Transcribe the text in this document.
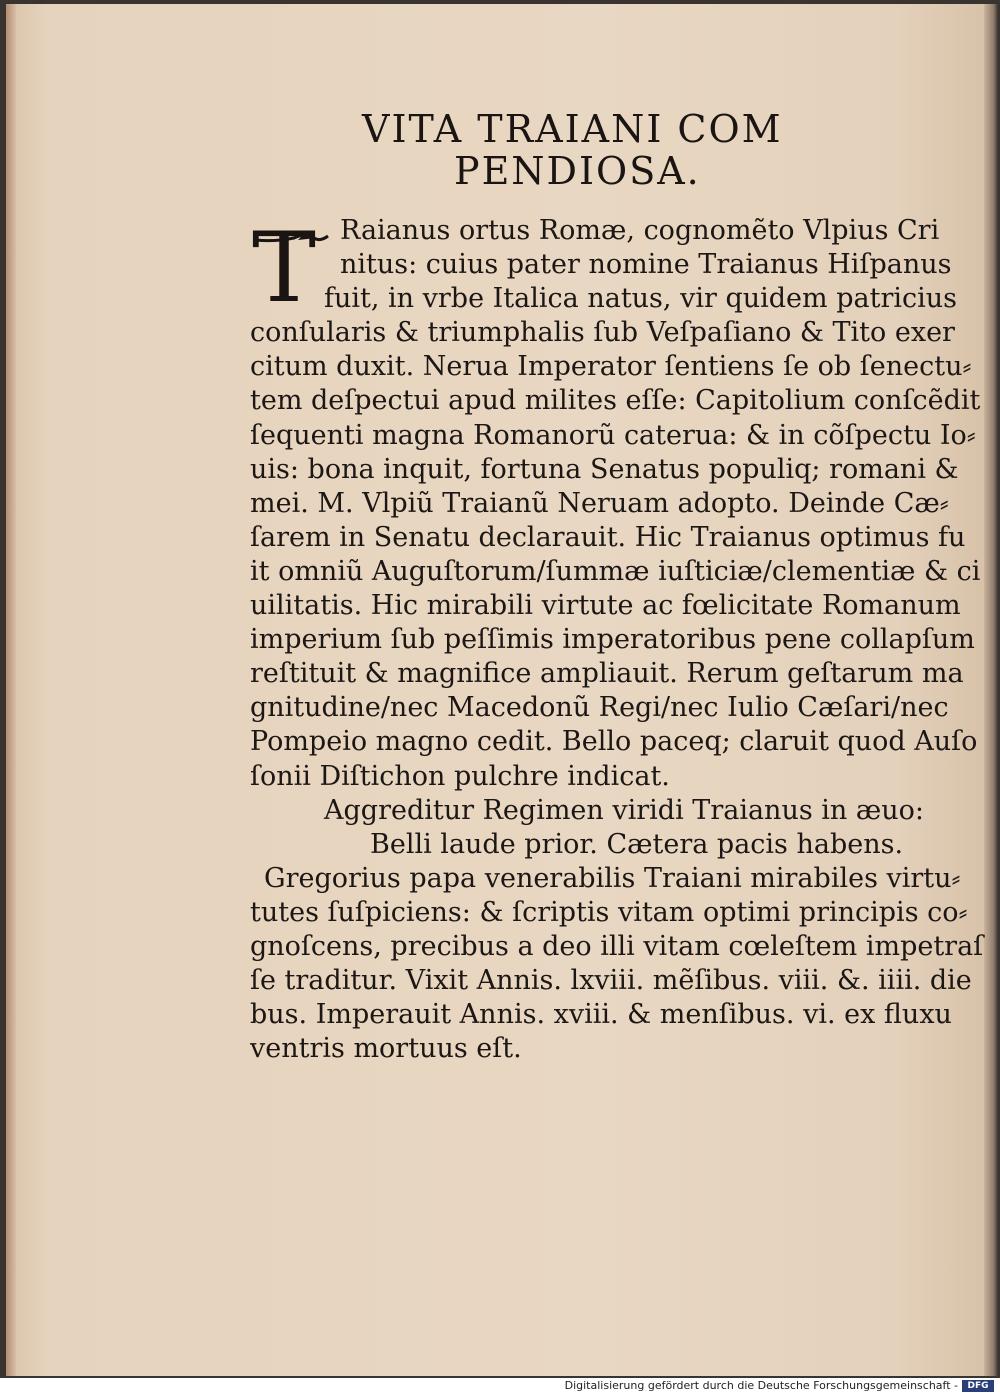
VITA TRAIANI COM
PENDIOSA.
T Raianus ortus Romæ, cognomẽto Vlpius Cri
nitus: cuius pater nomine Traianus Hiſpanus
fuit, in vrbe Italica natus, vir quidem patricius
conſularis & triumphalis ſub Veſpaſiano & Tito exer
citum duxit. Nerua Imperator ſentiens ſe ob ſenectu⸗
tem deſpectui apud milites eſſe: Capitolium conſcẽdit
ſequenti magna Romanorũ caterua: & in cõſpectu Io⸗
uis: bona inquit, fortuna Senatus populiq; romani &
mei. M. Vlpiũ Traianũ Neruam adopto. Deinde Cæ⸗
ſarem in Senatu declarauit. Hic Traianus optimus fu
it omniũ Auguſtorum/ſummæ iuſticiæ/clementiæ & ci
uilitatis. Hic mirabili virtute ac fœlicitate Romanum
imperium ſub peſſimis imperatoribus pene collapſum
reſtituit & magnifice ampliauit. Rerum geſtarum ma
gnitudine/nec Macedonũ Regi/nec Iulio Cæſari/nec
Pompeio magno cedit. Bello paceq; claruit quod Auſo
ſonii Diſtichon pulchre indicat.
Aggreditur Regimen viridi Traianus in æuo:
Belli laude prior. Cætera pacis habens.
Gregorius papa venerabilis Traiani mirabiles virtu⸗
tutes ſuſpiciens: & ſcriptis vitam optimi principis co⸗
gnoſcens, precibus a deo illi vitam cœleſtem impetraſ
ſe traditur. Vixit Annis. lxviii. mẽſibus. viii. &. iiii. die
bus. Imperauit Annis. xviii. & menſibus. vi. ex fluxu
ventris mortuus eſt.
Digitalisierung gefördert durch die Deutsche Forschungsgemeinschaft -	DFG
